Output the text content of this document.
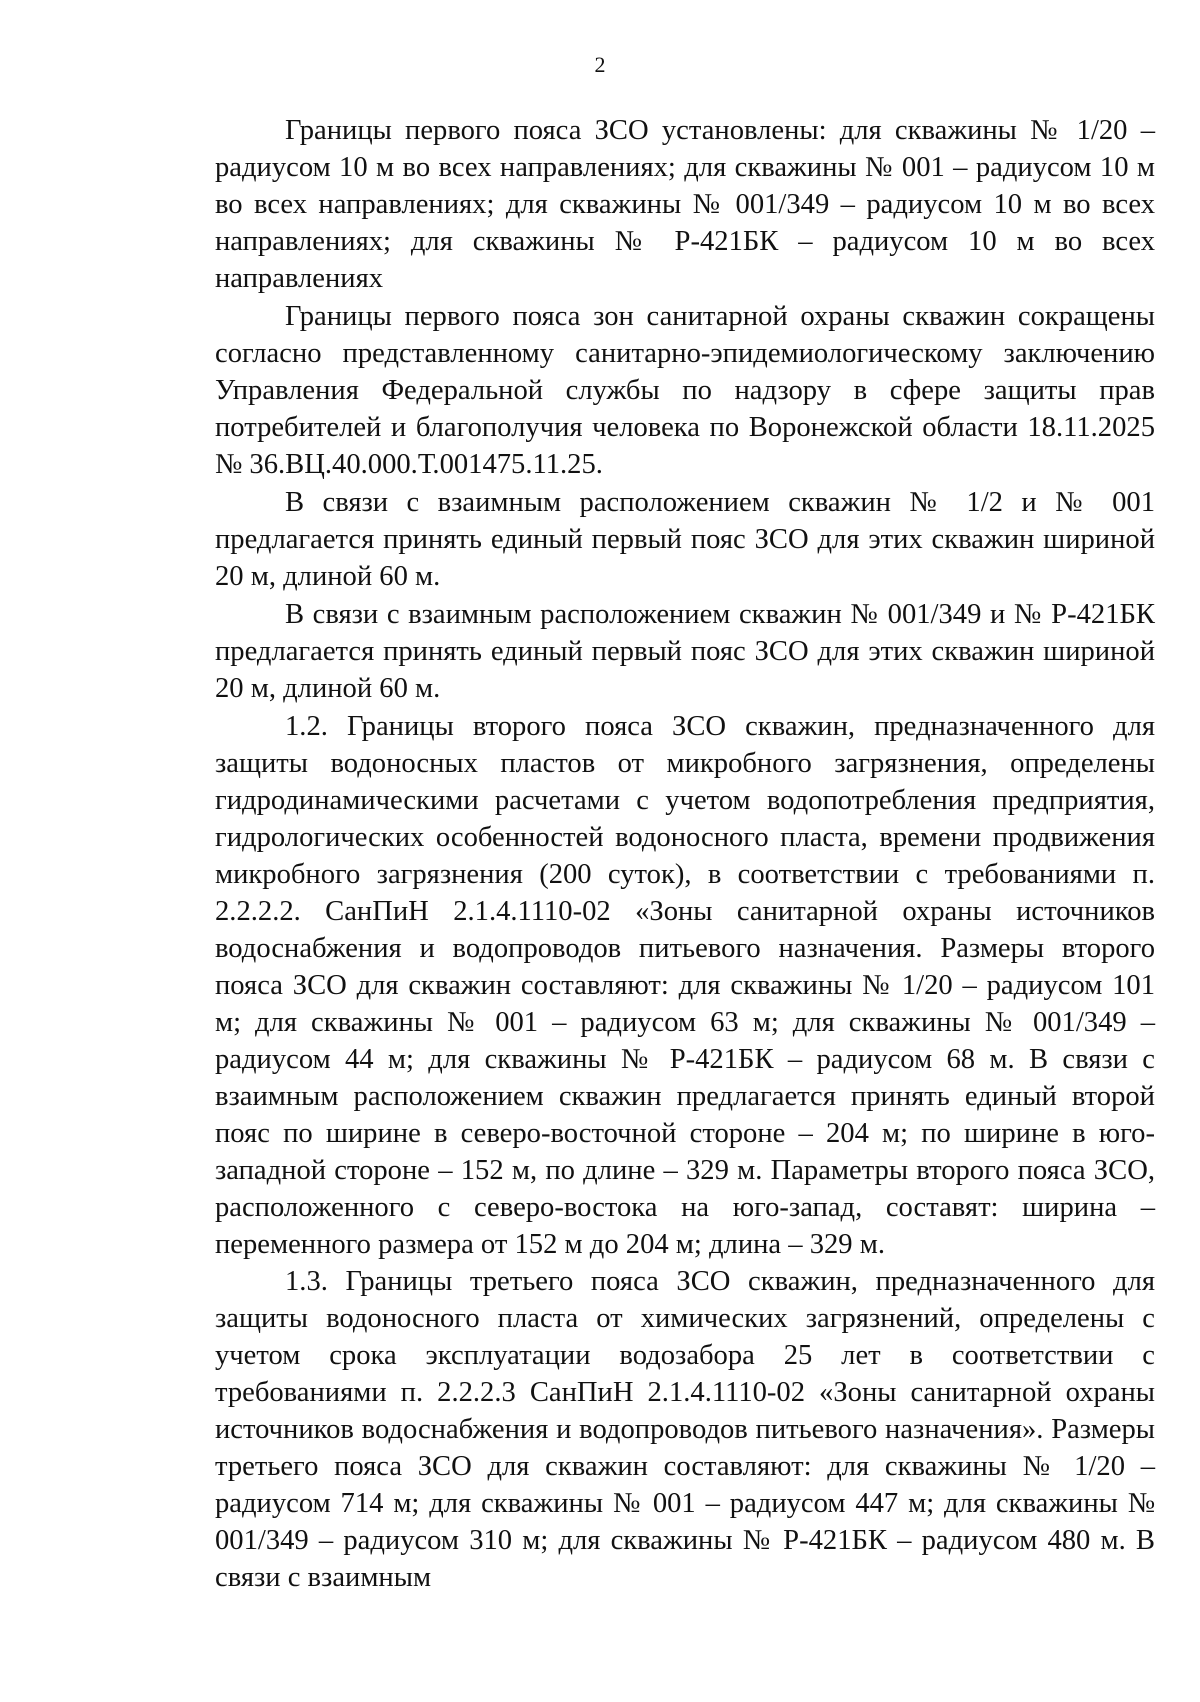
2

Границы первого пояса ЗСО установлены: для скважины № 1/20 – радиусом 10 м во всех направлениях; для скважины № 001 – радиусом 10 м во всех направлениях; для скважины № 001/349 – радиусом 10 м во всех направлениях; для скважины № Р-421БК – радиусом 10 м во всех направлениях

Границы первого пояса зон санитарной охраны скважин сокращены согласно представленному санитарно-эпидемиологическому заключению Управления Федеральной службы по надзору в сфере защиты прав потребителей и благополучия человека по Воронежской области 18.11.2025 № 36.ВЦ.40.000.Т.001475.11.25.

В связи с взаимным расположением скважин № 1/2 и № 001 предлагается принять единый первый пояс ЗСО для этих скважин шириной 20 м, длиной 60 м.

В связи с взаимным расположением скважин № 001/349 и № Р-421БК предлагается принять единый первый пояс ЗСО для этих скважин шириной 20 м, длиной 60 м.

1.2. Границы второго пояса ЗСО скважин, предназначенного для защиты водоносных пластов от микробного загрязнения, определены гидродинамическими расчетами с учетом водопотребления предприятия, гидрологических особенностей водоносного пласта, времени продвижения микробного загрязнения (200 суток), в соответствии с требованиями п. 2.2.2.2. СанПиН 2.1.4.1110-02 «Зоны санитарной охраны источников водоснабжения и водопроводов питьевого назначения. Размеры второго пояса ЗСО для скважин составляют: для скважины № 1/20 – радиусом 101 м; для скважины № 001 – радиусом 63 м; для скважины № 001/349 – радиусом 44 м; для скважины № Р-421БК – радиусом 68 м. В связи с взаимным расположением скважин предлагается принять единый второй пояс по ширине в северо-восточной стороне – 204 м; по ширине в юго-западной стороне – 152 м, по длине – 329 м. Параметры второго пояса ЗСО, расположенного с северо-востока на юго-запад, составят: ширина – переменного размера от 152 м до 204 м; длина – 329 м.

1.3. Границы третьего пояса ЗСО скважин, предназначенного для защиты водоносного пласта от химических загрязнений, определены с учетом срока эксплуатации водозабора 25 лет в соответствии с требованиями п. 2.2.2.3 СанПиН 2.1.4.1110-02 «Зоны санитарной охраны источников водоснабжения и водопроводов питьевого назначения». Размеры третьего пояса ЗСО для скважин составляют: для скважины № 1/20 – радиусом 714 м; для скважины № 001 – радиусом 447 м; для скважины № 001/349 – радиусом 310 м; для скважины № Р-421БК – радиусом 480 м. В связи с взаимным
